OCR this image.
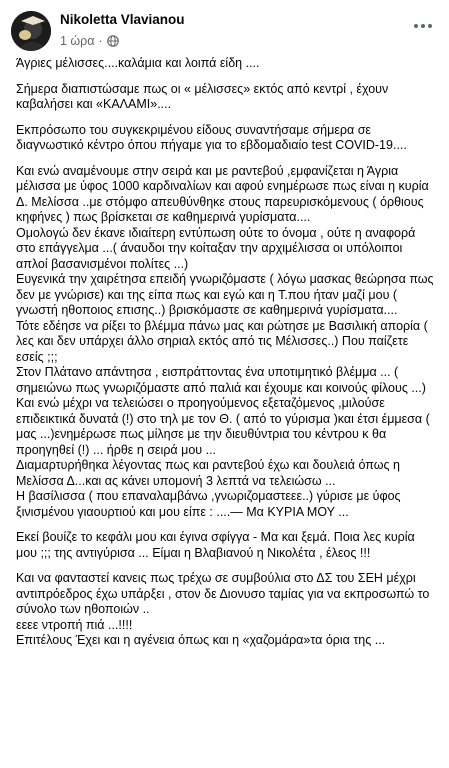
Nikoletta Vlavianou
1 ώρα ·

Άγριες μέλισσες....καλάμια και λοιπά είδη ....

Σήμερα διαπιστώσαμε πως οι « μέλισσες» εκτός από κεντρί , έχουν καβαλήσει και «ΚΑΛΑΜΙ»....

Εκπρόσωπο του συγκεκριμένου είδους συναντήσαμε σήμερα σε διαγνωστικό κέντρο όπου πήγαμε για το εβδομαδιαίο test COVID-19....

Και ενώ αναμένουμε στην σειρά και με ραντεβού ,εμφανίζεται η Άγρια μέλισσα με ύφος 1000 καρδιναλίων και αφού ενημέρωσε πως είναι η κυρία Δ. Μελίσσα ..με στόμφο απευθύνθηκε στους παρευρισκόμενους ( όρθιους κηφήνες ) πως βρίσκεται σε καθημερινά γυρίσματα....
Ομολογώ δεν έκανε ιδιαίτερη εντύπωση ούτε το όνομα , ούτε η αναφορά στο επάγγελμα ...( άναυδοι την κοίταξαν την αρχιμέλισσα οι υπόλοιποι απλοί βασανισμένοι πολίτες ...)
Ευγενικά την χαιρέτησα επειδή γνωριζόμαστε ( λόγω μασκας θεώρησα πως δεν με γνώρισε) και της είπα πως και εγώ και η Τ.που ήταν μαζί μου ( γνωστή ηθοποιος επισης..) βρισκόμαστε σε καθημερινά γυρίσματα....
Τότε εδέησε να ρίξει το βλέμμα πάνω μας και ρώτησε με Βασιλική απορία ( λες και δεν υπάρχει άλλο σηριαλ εκτός από τις Μέλισσες..) Που παίζετε εσείς ;;;
Στον Πλάτανο απάντησα , εισπράττοντας ένα υποτιμητικό βλέμμα ... ( σημειώνω πως γνωριζόμαστε από παλιά και έχουμε και κοινούς φίλους ...)
Και ενώ μέχρι να τελειώσει ο προηγούμενος εξεταζόμενος ,μιλούσε επιδεικτικά δυνατά (!) στο τηλ με τον Θ. ( από το γύρισμα )και έτσι έμμεσα ( μας ...)ενημέρωσε πως μίλησε με την διευθύντρια του κέντρου κ θα προηγηθεί (!) ... ήρθε η σειρά μου ...
Διαμαρτυρήθηκα λέγοντας πως και ραντεβού έχω και δουλειά όπως η Μελίσσα Δ...και ας κάνει υπομονή 3 λεπτά να τελειώσω ...
Η βασίλισσα ( που επαναλαμβάνω ,γνωριζομαστεεε..) γύρισε με ύφος ξινισμένου γιαουρτιού και μου είπε : ....— Μα ΚΥΡΙΑ ΜΟΥ ...

Εκεί βουίζε το κεφάλι μου και έγινα σφίγγα - Μα και ξεμά. Ποια λες κυρία μου ;;; της αντιγύρισα ... Είμαι η Βλαβιανού η Νικολέτα , έλεος !!!

Και να φανταστεί κανεις πως τρέχω σε συμβούλια στο ΔΣ του ΣΕΗ μέχρι αντιπρόεδρος έχω υπάρξει , στον δε Διονυσο ταμίας για να εκπροσωπώ το σύνολο των ηθοποιών ..
εεεε ντροπή πιά ...!!!!
Επιτέλους Έχει και η αγένεια όπως και η «χαζομάρα»τα όρια της ...
